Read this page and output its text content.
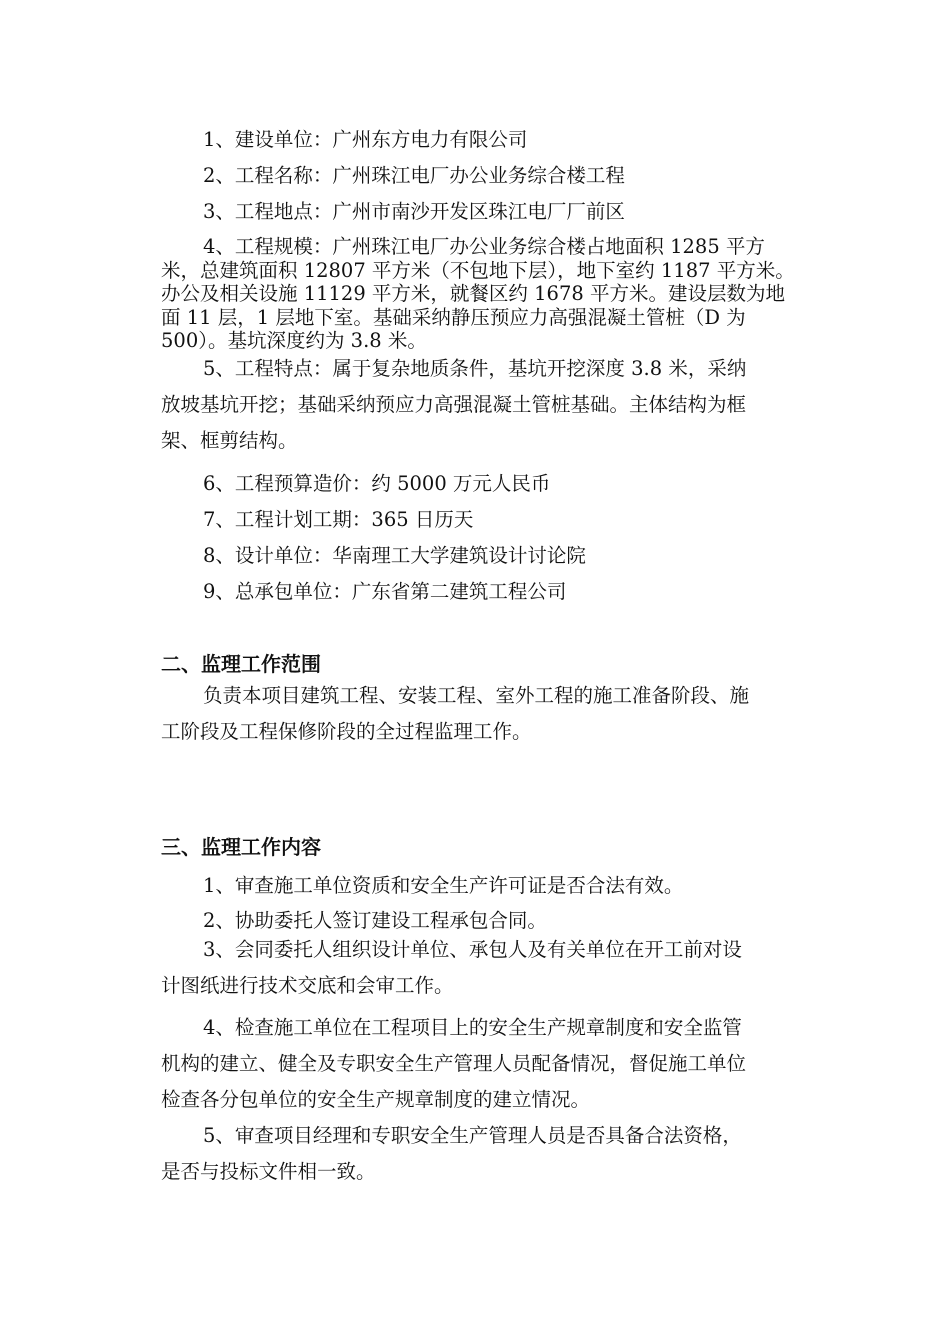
1、建设单位：广州东方电力有限公司

2、工程名称：广州珠江电厂办公业务综合楼工程

3、工程地点：广州市南沙开发区珠江电厂厂前区

4、工程规模：广州珠江电厂办公业务综合楼占地面积 1285 平方
米，总建筑面积 12807 平方米（不包地下层），地下室约 1187 平方米。
办公及相关设施 11129 平方米，就餐区约 1678 平方米。建设层数为地
面 11 层，1 层地下室。基础采纳静压预应力高强混凝土管桩（D 为
500）。基坑深度约为 3.8 米。
5、工程特点：属于复杂地质条件，基坑开挖深度 3.8 米，采纳
放坡基坑开挖；基础采纳预应力高强混凝土管桩基础。主体结构为框
架、框剪结构。

6、工程预算造价：约 5000 万元人民币

7、工程计划工期：365 日历天

8、设计单位：华南理工大学建筑设计讨论院

9、总承包单位：广东省第二建筑工程公司

二、监理工作范围
负责本项目建筑工程、安装工程、室外工程的施工准备阶段、施
工阶段及工程保修阶段的全过程监理工作。
三、监理工作内容

1、审查施工单位资质和安全生产许可证是否合法有效。

2、协助委托人签订建设工程承包合同。

3、会同委托人组织设计单位、承包人及有关单位在开工前对设
计图纸进行技术交底和会审工作。
4、检查施工单位在工程项目上的安全生产规章制度和安全监管
机构的建立、健全及专职安全生产管理人员配备情况，督促施工单位
检查各分包单位的安全生产规章制度的建立情况。
5、审查项目经理和专职安全生产管理人员是否具备合法资格，
是否与投标文件相一致。
